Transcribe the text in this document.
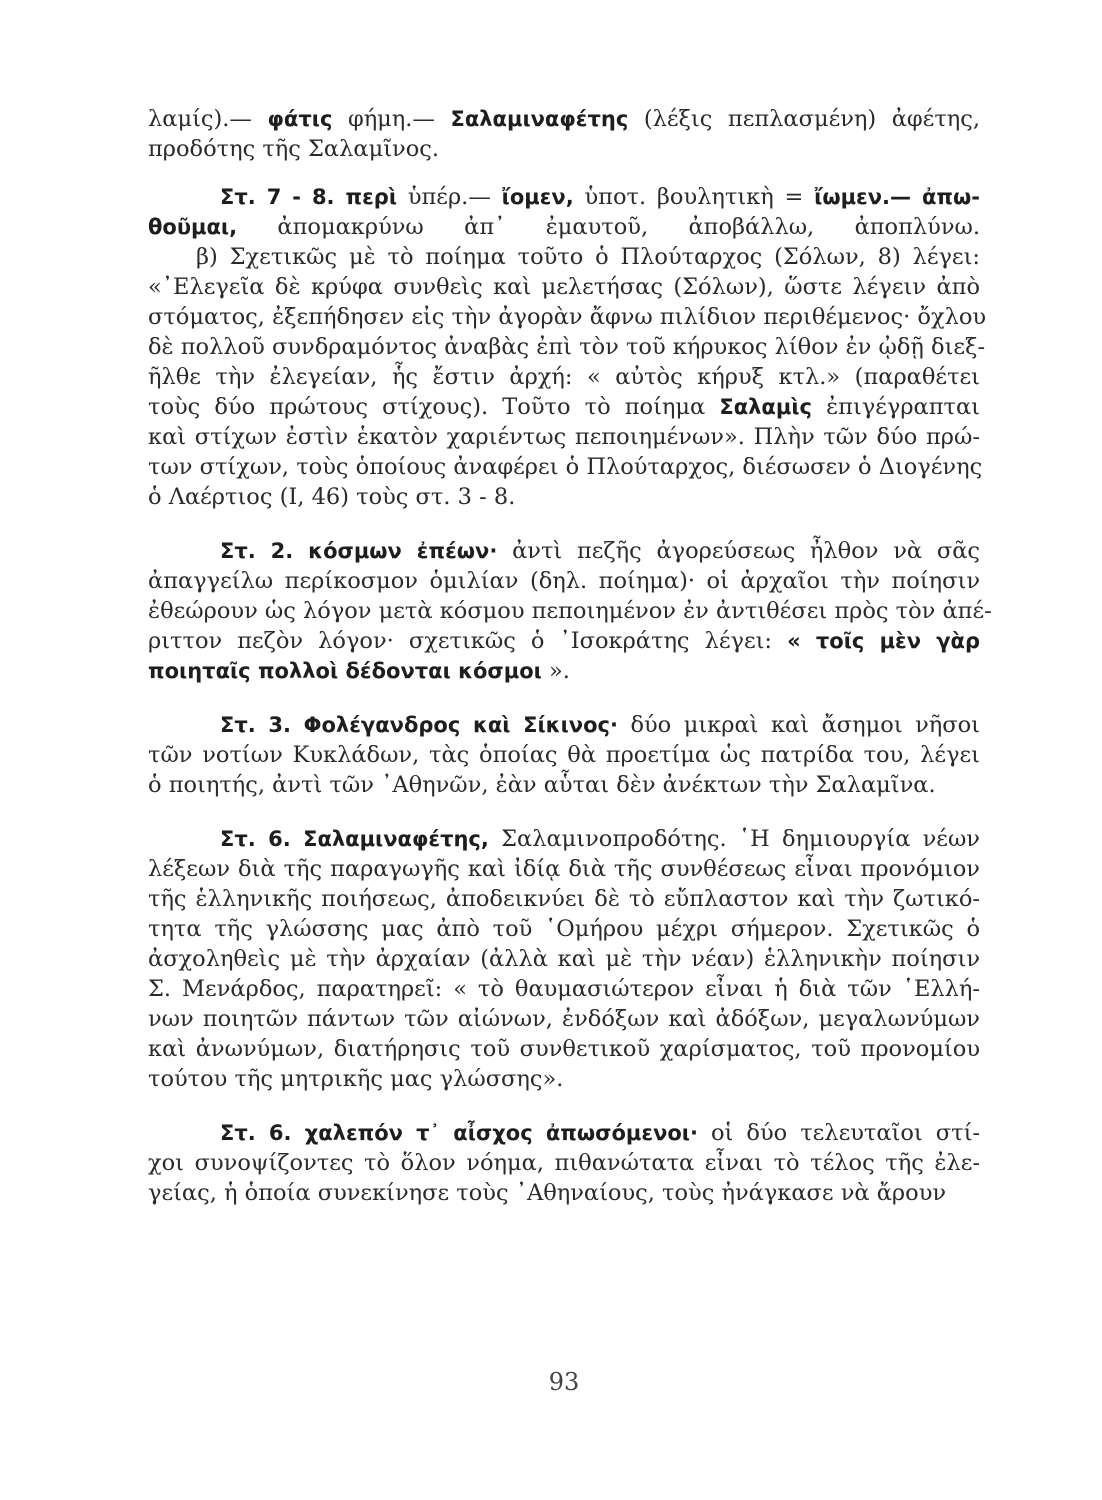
λαμίς).— φάτις φήμη.— Σαλαμιναφέτης (λέξις πεπλασμένη) ἀφέτης,
προδότης τῆς Σαλαμῖνος.
Στ. 7 - 8. περὶ ὑπέρ.— ἴομεν, ὑποτ. βουλητικὴ = ἴωμεν.— ἀπω-
θοῦμαι, ἀπομακρύνω ἀπ᾽ ἐμαυτοῦ, ἀποβάλλω, ἀποπλύνω.
β) Σχετικῶς μὲ τὸ ποίημα τοῦτο ὁ Πλούταρχος (Σόλων, 8) λέγει:
«᾽Ελεγεῖα δὲ κρύφα συνθεὶς καὶ μελετήσας (Σόλων), ὥστε λέγειν ἀπὸ
στόματος, ἐξεπήδησεν εἰς τὴν ἀγορὰν ἄφνω πιλίδιον περιθέμενος· ὄχλου
δὲ πολλοῦ συνδραμόντος ἀναβὰς ἐπὶ τὸν τοῦ κήρυκος λίθον ἐν ᾠδῇ διεξ-
ῆλθε τὴν ἐλεγείαν, ἧς ἔστιν ἀρχή: « αὐτὸς κήρυξ κτλ.» (παραθέτει
τοὺς δύο πρώτους στίχους). Τοῦτο τὸ ποίημα Σαλαμὶς ἐπιγέγραπται
καὶ στίχων ἐστὶν ἑκατὸν χαριέντως πεποιημένων». Πλὴν τῶν δύο πρώ-
των στίχων, τοὺς ὁποίους ἀναφέρει ὁ Πλούταρχος, διέσωσεν ὁ Διογένης
ὁ Λαέρτιος (I, 46) τοὺς στ. 3 - 8.
Στ. 2. κόσμων ἐπέων· ἀντὶ πεζῆς ἀγορεύσεως ἦλθον νὰ σᾶς
ἀπαγγείλω περίκοσμον ὁμιλίαν (δηλ. ποίημα)· οἱ ἀρχαῖοι τὴν ποίησιν
ἐθεώρουν ὡς λόγον μετὰ κόσμου πεποιημένον ἐν ἀντιθέσει πρὸς τὸν ἀπέ-
ριττον πεζὸν λόγον· σχετικῶς ὁ ᾽Ισοκράτης λέγει: « τοῖς μὲν γὰρ
ποιηταῖς πολλοὶ δέδονται κόσμοι ».
Στ. 3. Φολέγανδρος καὶ Σίκινος· δύο μικραὶ καὶ ἄσημοι νῆσοι
τῶν νοτίων Κυκλάδων, τὰς ὁποίας θὰ προετίμα ὡς πατρίδα του, λέγει
ὁ ποιητής, ἀντὶ τῶν ᾽Αθηνῶν, ἐὰν αὗται δὲν ἀνέκτων τὴν Σαλαμῖνα.
Στ. 6. Σαλαμιναφέτης, Σαλαμινοπροδότης. ῾Η δημιουργία νέων
λέξεων διὰ τῆς παραγωγῆς καὶ ἰδίᾳ διὰ τῆς συνθέσεως εἶναι προνόμιον
τῆς ἑλληνικῆς ποιήσεως, ἀποδεικνύει δὲ τὸ εὔπλαστον καὶ τὴν ζωτικό-
τητα τῆς γλώσσης μας ἀπὸ τοῦ ῾Ομήρου μέχρι σήμερον. Σχετικῶς ὁ
ἀσχοληθεὶς μὲ τὴν ἀρχαίαν (ἀλλὰ καὶ μὲ τὴν νέαν) ἑλληνικὴν ποίησιν
Σ. Μενάρδος, παρατηρεῖ: « τὸ θαυμασιώτερον εἶναι ἡ διὰ τῶν ῾Ελλή-
νων ποιητῶν πάντων τῶν αἰώνων, ἐνδόξων καὶ ἀδόξων, μεγαλωνύμων
καὶ ἀνωνύμων, διατήρησις τοῦ συνθετικοῦ χαρίσματος, τοῦ προνομίου
τούτου τῆς μητρικῆς μας γλώσσης».
Στ. 6. χαλεπόν τ᾽ αἶσχος ἀπωσόμενοι· οἱ δύο τελευταῖοι στί-
χοι συνοψίζοντες τὸ ὅλον νόημα, πιθανώτατα εἶναι τὸ τέλος τῆς ἐλε-
γείας, ἡ ὁποία συνεκίνησε τοὺς ᾽Αθηναίους, τοὺς ἠνάγκασε νὰ ἄρουν
93
